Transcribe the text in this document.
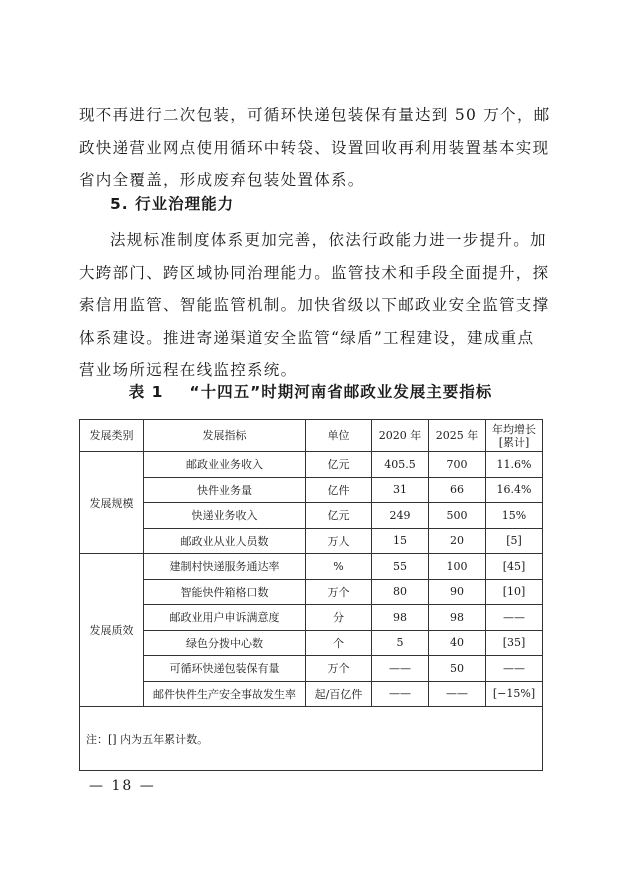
现不再进行二次包装，可循环快递包装保有量达到 50 万个，邮
政快递营业网点使用循环中转袋、设置回收再利用装置基本实现
省内全覆盖，形成废弃包装处置体系。
5. 行业治理能力
法规标准制度体系更加完善，依法行政能力进一步提升。加
大跨部门、跨区域协同治理能力。监管技术和手段全面提升，探
索信用监管、智能监管机制。加快省级以下邮政业安全监管支撑
体系建设。推进寄递渠道安全监管“绿盾”工程建设，建成重点
营业场所远程在线监控系统。
表 1 “十四五”时期河南省邮政业发展主要指标
发展类别	发展指标	单位	2020 年	2025 年	年均增长
[累计]

发展规模	邮政业业务收入	亿元	405.5	700	11.6%
	快件业务量	亿件	31	66	16.4%
	快递业务收入	亿元	249	500	15%
	邮政业从业人员数	万人	15	20	[5]
发展质效	建制村快递服务通达率	%	55	100	[45]
	智能快件箱格口数	万个	80	90	[10]
	邮政业用户申诉满意度	分	98	98	——
	绿色分拨中心数	个	5	40	[35]
	可循环快递包装保有量	万个	——	50	——
	邮件快件生产安全事故发生率	起/百亿件	——	——	[−15%]
注：[] 内为五年累计数。					
— 18 —
